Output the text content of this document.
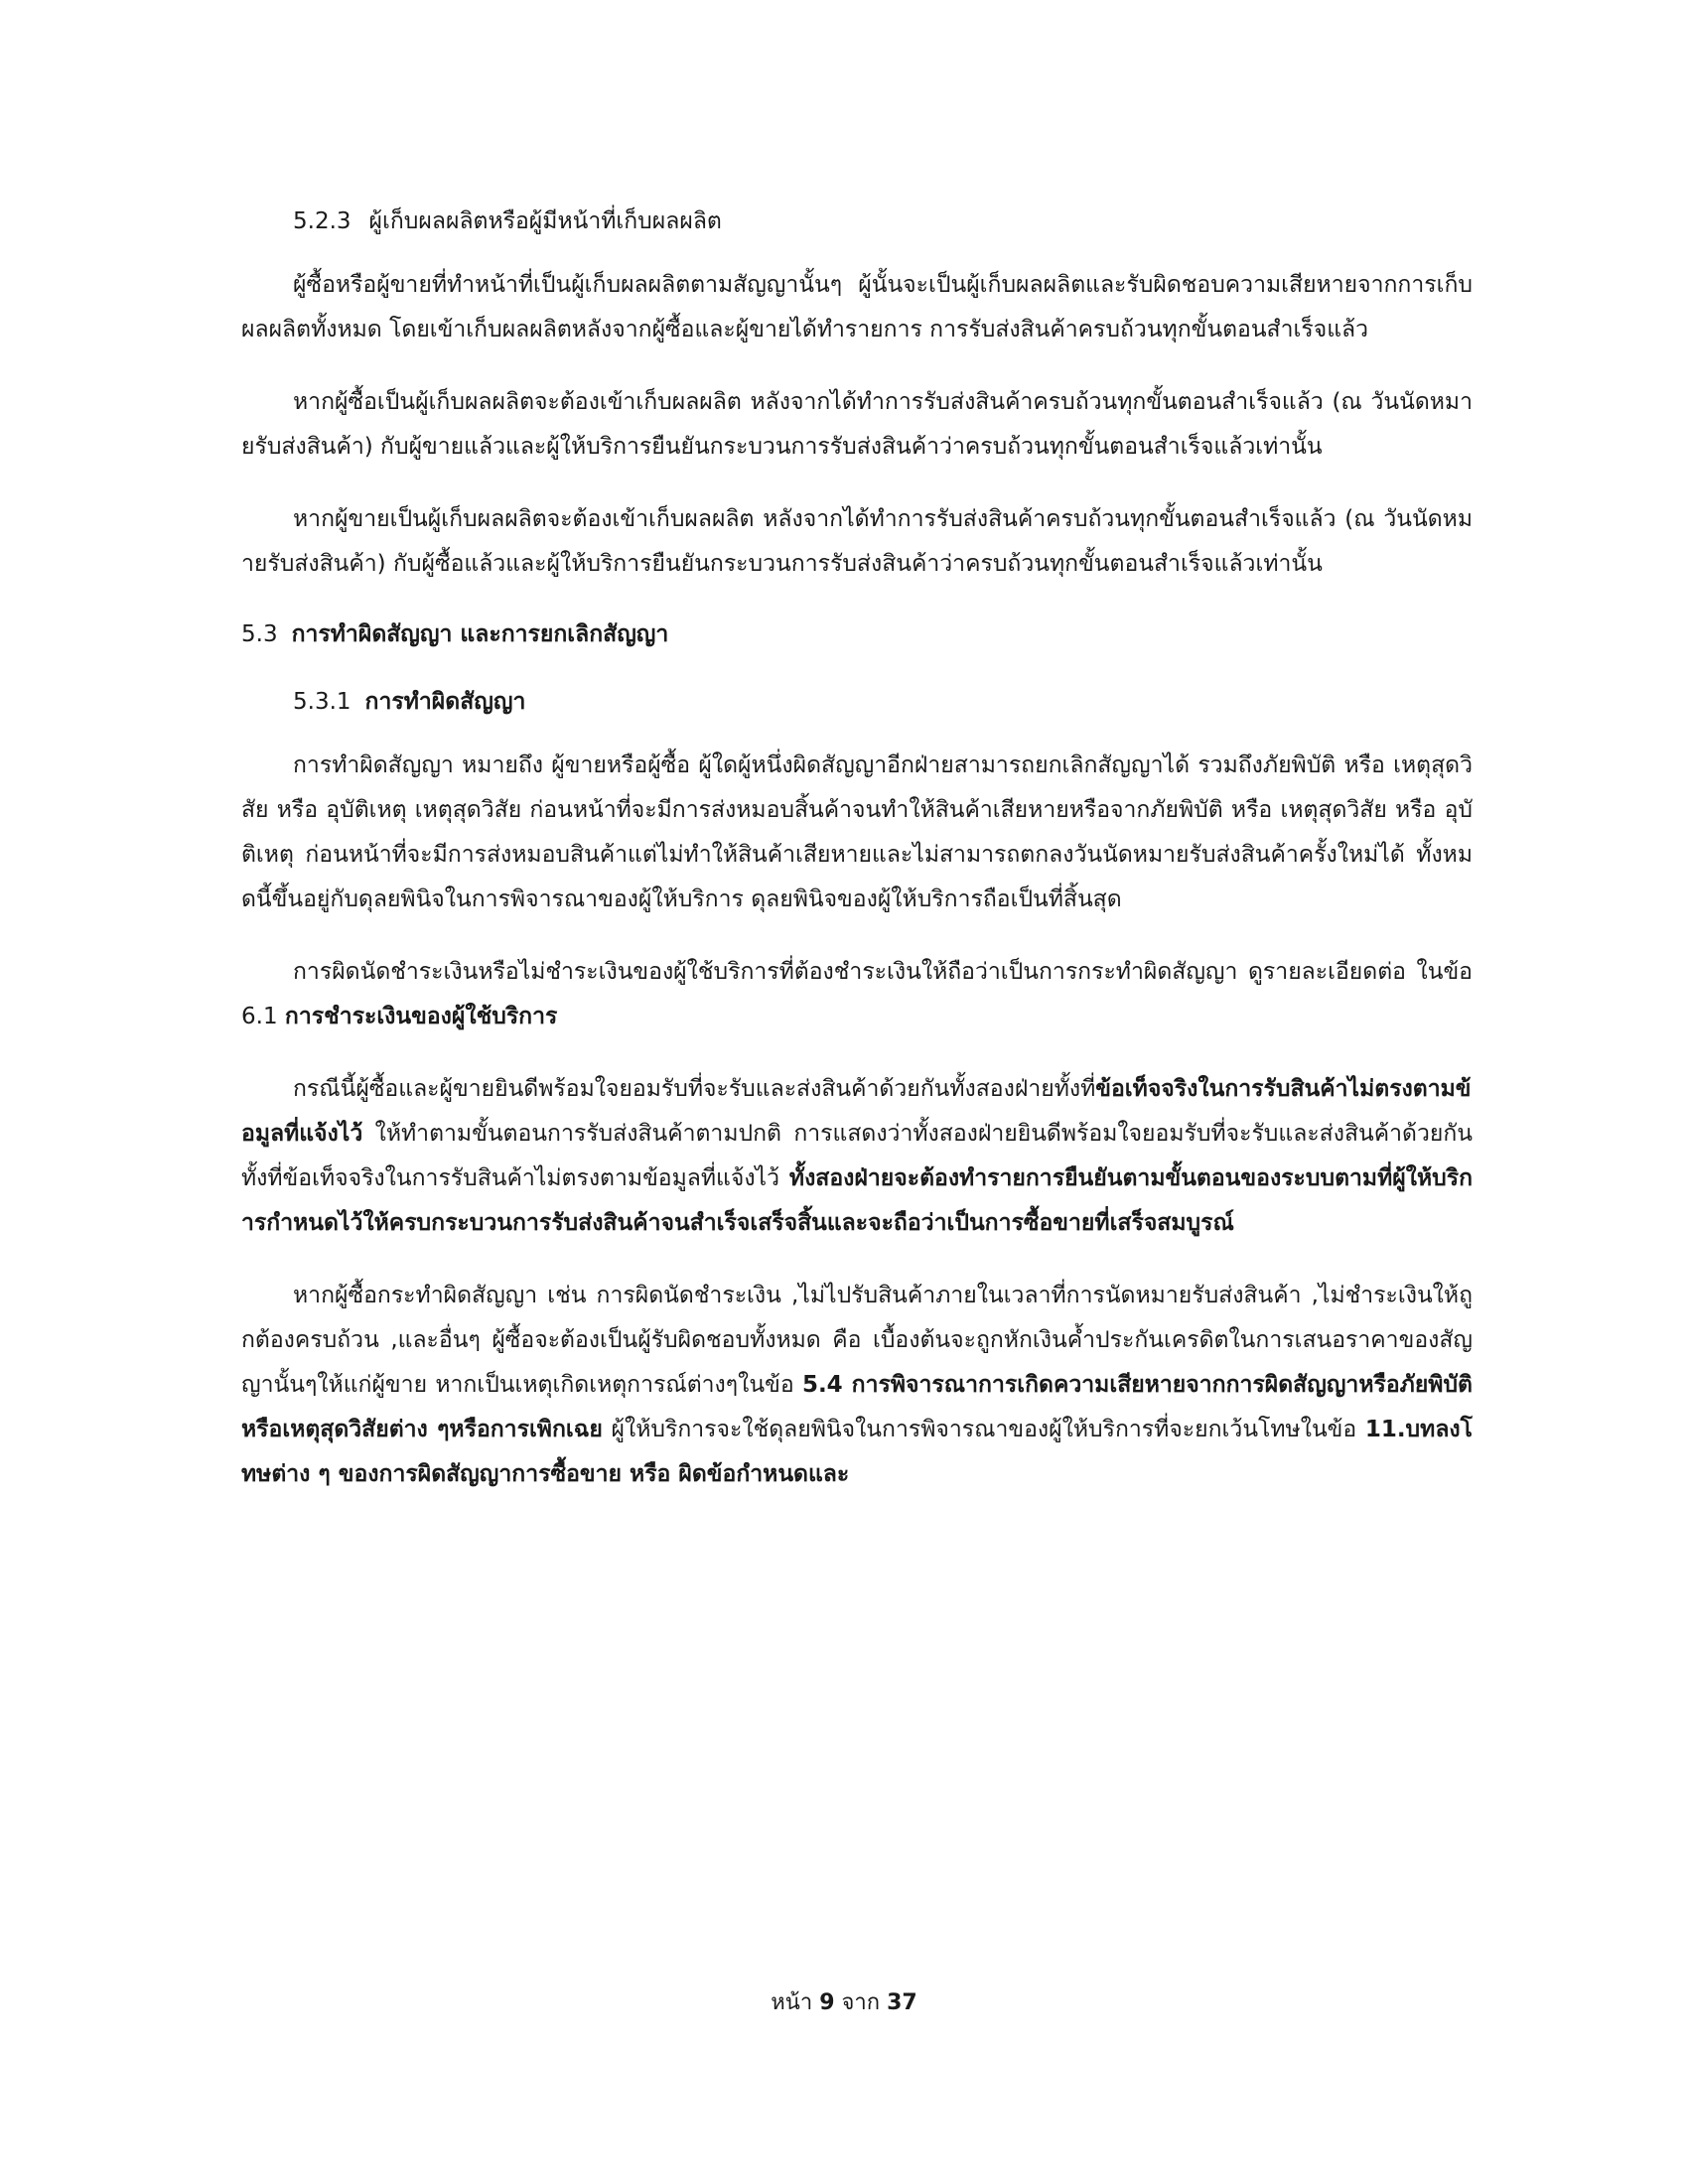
5.2.3 ผู้เก็บผลผลิตหรือผู้มีหน้าที่เก็บผลผลิต

ผู้ซื้อหรือผู้ขายที่ทำหน้าที่เป็นผู้เก็บผลผลิตตามสัญญานั้นๆ ผู้นั้นจะเป็นผู้เก็บผลผลิตและรับผิดชอบความเสียหายจากการเก็บผลผลิตทั้งหมด โดยเข้าเก็บผลผลิตหลังจากผู้ซื้อและผู้ขายได้ทำรายการ การรับส่งสินค้าครบถ้วนทุกขั้นตอนสำเร็จแล้ว

หากผู้ซื้อเป็นผู้เก็บผลผลิตจะต้องเข้าเก็บผลผลิต หลังจากได้ทำการรับส่งสินค้าครบถ้วนทุกขั้นตอนสำเร็จแล้ว (ณ วันนัดหมายรับส่งสินค้า) กับผู้ขายแล้วและผู้ให้บริการยืนยันกระบวนการรับส่งสินค้าว่าครบถ้วนทุกขั้นตอนสำเร็จแล้วเท่านั้น

หากผู้ขายเป็นผู้เก็บผลผลิตจะต้องเข้าเก็บผลผลิต หลังจากได้ทำการรับส่งสินค้าครบถ้วนทุกขั้นตอนสำเร็จแล้ว (ณ วันนัดหมายรับส่งสินค้า) กับผู้ซื้อแล้วและผู้ให้บริการยืนยันกระบวนการรับส่งสินค้าว่าครบถ้วนทุกขั้นตอนสำเร็จแล้วเท่านั้น

5.3 การทำผิดสัญญา และการยกเลิกสัญญา
5.3.1 การทำผิดสัญญา

การทำผิดสัญญา หมายถึง ผู้ขายหรือผู้ซื้อ ผู้ใดผู้หนึ่งผิดสัญญาอีกฝ่ายสามารถยกเลิกสัญญาได้ รวมถึงภัยพิบัติ หรือ เหตุสุดวิสัย หรือ อุบัติเหตุ เหตุสุดวิสัย ก่อนหน้าที่จะมีการส่งหมอบสิ้นค้าจนทำให้สินค้าเสียหายหรือจากภัยพิบัติ หรือ เหตุสุดวิสัย หรือ อุบัติเหตุ ก่อนหน้าที่จะมีการส่งหมอบสินค้าแต่ไม่ทำให้สินค้าเสียหายและไม่สามารถตกลงวันนัดหมายรับส่งสินค้าครั้งใหม่ได้ ทั้งหมดนี้ขึ้นอยู่กับดุลยพินิจในการพิจารณาของผู้ให้บริการ ดุลยพินิจของผู้ให้บริการถือเป็นที่สิ้นสุด

การผิดนัดชำระเงินหรือไม่ชำระเงินของผู้ใช้บริการที่ต้องชำระเงินให้ถือว่าเป็นการกระทำผิดสัญญา ดูรายละเอียดต่อ ในข้อ 6.1 การชำระเงินของผู้ใช้บริการ

กรณีนี้ผู้ซื้อและผู้ขายยินดีพร้อมใจยอมรับที่จะรับและส่งสินค้าด้วยกันทั้งสองฝ่ายทั้งที่ข้อเท็จจริงในการรับสินค้าไม่ตรงตามข้อมูลที่แจ้งไว้ ให้ทำตามขั้นตอนการรับส่งสินค้าตามปกติ การแสดงว่าทั้งสองฝ่ายยินดีพร้อมใจยอมรับที่จะรับและส่งสินค้าด้วยกันทั้งที่ข้อเท็จจริงในการรับสินค้าไม่ตรงตามข้อมูลที่แจ้งไว้ ทั้งสองฝ่ายจะต้องทำรายการยืนยันตามขั้นตอนของระบบตามที่ผู้ให้บริการกำหนดไว้ให้ครบกระบวนการรับส่งสินค้าจนสำเร็จเสร็จสิ้นและจะถือว่าเป็นการซื้อขายที่เสร็จสมบูรณ์

หากผู้ซื้อกระทำผิดสัญญา เช่น การผิดนัดชำระเงิน ,ไม่ไปรับสินค้าภายในเวลาที่การนัดหมายรับส่งสินค้า ,ไม่ชำระเงินให้ถูกต้องครบถ้วน ,และอื่นๆ ผู้ซื้อจะต้องเป็นผู้รับผิดชอบทั้งหมด คือ เบื้องต้นจะถูกหักเงินค้ำประกันเครดิตในการเสนอราคาของสัญญานั้นๆให้แก่ผู้ขาย หากเป็นเหตุเกิดเหตุการณ์ต่างๆในข้อ 5.4 การพิจารณาการเกิดความเสียหายจากการผิดสัญญาหรือภัยพิบัติหรือเหตุสุดวิสัยต่าง ๆหรือการเพิกเฉย ผู้ให้บริการจะใช้ดุลยพินิจในการพิจารณาของผู้ให้บริการที่จะยกเว้นโทษในข้อ 11.บทลงโทษต่าง ๆ ของการผิดสัญญาการซื้อขาย หรือ ผิดข้อกำหนดและ

หน้า 9 จาก 37
